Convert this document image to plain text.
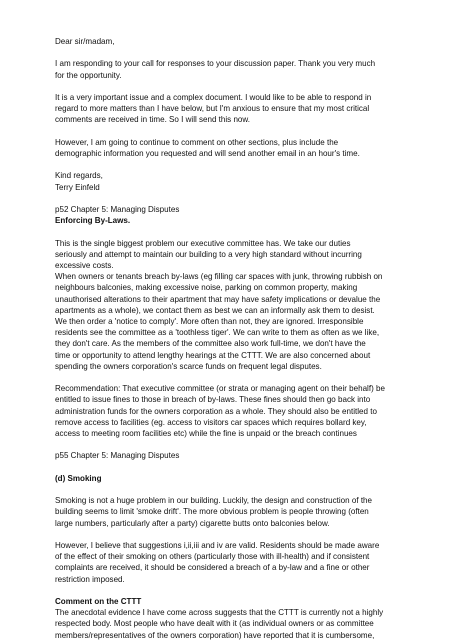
Dear sir/madam,

I am responding to your call for responses to your discussion paper. Thank you very much
for the opportunity.

It is a very important issue and a complex document. I would like to be able to respond in
regard to more matters than I have below, but I'm anxious to ensure that my most critical
comments are received in time. So I will send this now.

However, I am going to continue to comment on other sections, plus include the
demographic information you requested and will send another email in an hour's time.

Kind regards,
Terry Einfeld

p52 Chapter 5: Managing Disputes
Enforcing By-Laws.

This is the single biggest problem our executive committee has. We take our duties
seriously and attempt to maintain our building to a very high standard without incurring
excessive costs.

When owners or tenants breach by-laws (eg filling car spaces with junk, throwing rubbish on
neighbours balconies, making excessive noise, parking on common property, making
unauthorised alterations to their apartment that may have safety implications or devalue the
apartments as a whole), we contact them as best we can an informally ask them to desist.
We then order a 'notice to comply'. More often than not, they are ignored. Irresponsible
residents see the committee as a 'toothless tiger'. We can write to them as often as we like,
they don't care. As the members of the committee also work full-time, we don't have the
time or opportunity to attend lengthy hearings at the CTTT. We are also concerned about
spending the owners corporation's scarce funds on frequent legal disputes.

Recommendation: That executive committee (or strata or managing agent on their behalf) be
entitled to issue fines to those in breach of by-laws. These fines should then go back into
administration funds for the owners corporation as a whole. They should also be entitled to
remove access to facilities (eg. access to visitors car spaces which requires bollard key,
access to meeting room facilities etc) while the fine is unpaid or the breach continues

p55 Chapter 5: Managing Disputes

(d) Smoking

Smoking is not a huge problem in our building. Luckily, the design and construction of the
building seems to limit 'smoke drift'. The more obvious problem is people throwing (often
large numbers, particularly after a party) cigarette butts onto balconies below.

However, I believe that suggestions i,ii,iii and iv are valid. Residents should be made aware
of the effect of their smoking on others (particularly those with ill-health) and if consistent
complaints are received, it should be considered a breach of a by-law and a fine or other
restriction imposed.

Comment on the CTTT
The anecdotal evidence I have come across suggests that the CTTT is currently not a highly
respected body. Most people who have dealt with it (as individual owners or as committee
members/representatives of the owners corporation) have reported that it is cumbersome,
